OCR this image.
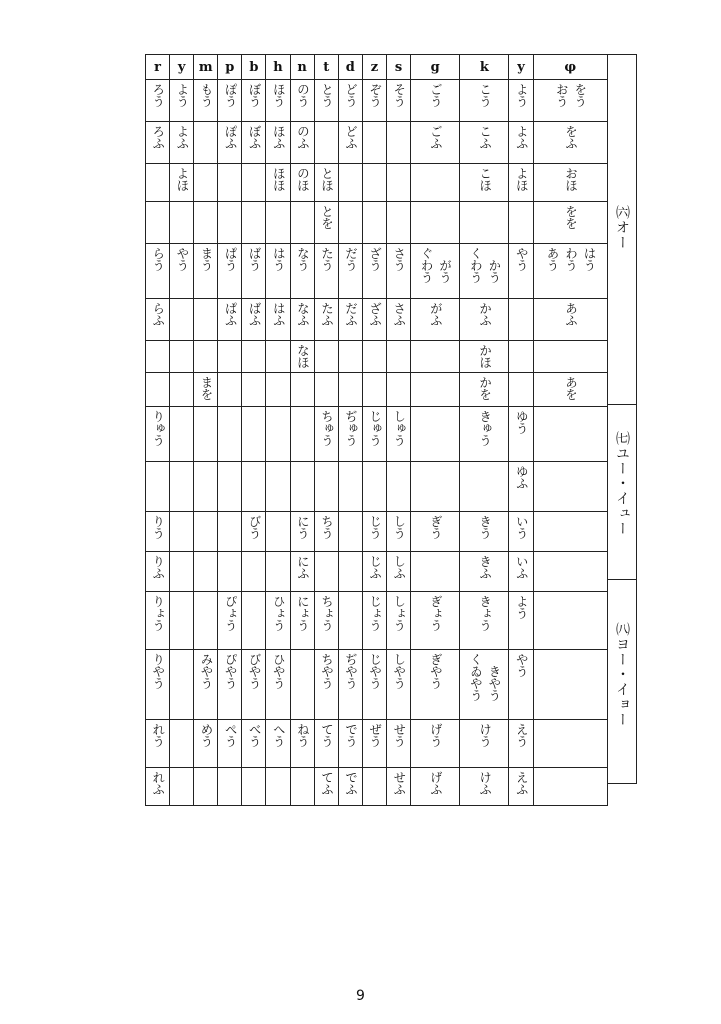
r	y	m	p	b	h	n	t	d	z	s	g	k	y	φ
ろう	よう	もう	ぽう	ぼう	ほう	のう	とう	どう	ぞう	そう	ごう	こう	よう	おう をう
ろふ	よふ		ぽふ	ぼふ	ほふ	のふ		どふ			ごふ	こふ	よふ	をふ
	よほ				ほほ	のほ	とほ					こほ	よほ	おほ
							とを							をを
らう	やう	まう	ぱう	ばう	はう	なう	たう	だう	ざう	さう	ぐわう がう	くわう かう	やう	あう わう はう
らふ			ぱふ	ばふ	はふ	なふ	たふ	だふ	ざふ	さふ	がふ	かふ		あふ
						なほ						かほ		
		まを										かを		あを
りゅう							ちゅう	ぢゅう	じゅう	しゅう		きゅう	ゆう	
													ゆふ	
りう				びう		にう	ちう		じう	しう	ぎう	きう	いう	
りふ						にふ			じふ	しふ		きふ	いふ	
りょう			ぴょう		ひょう	にょう	ちょう		じょう	しょう	ぎょう	きょう	よう	
りやう		みやう	ぴやう	びやう	ひやう		ちやう	ぢやう	じやう	しやう	ぎやう	くゐやう きやう	やう	
れう		めう	ぺう	べう	へう	ねう	てう	でう	ぜう	せう	げう	けう	えう	
れふ							てふ	でふ		せふ	げふ	けふ	えふ	
㈥オー
㈦ユー・イュー
㈧ヨー・イョー
9
